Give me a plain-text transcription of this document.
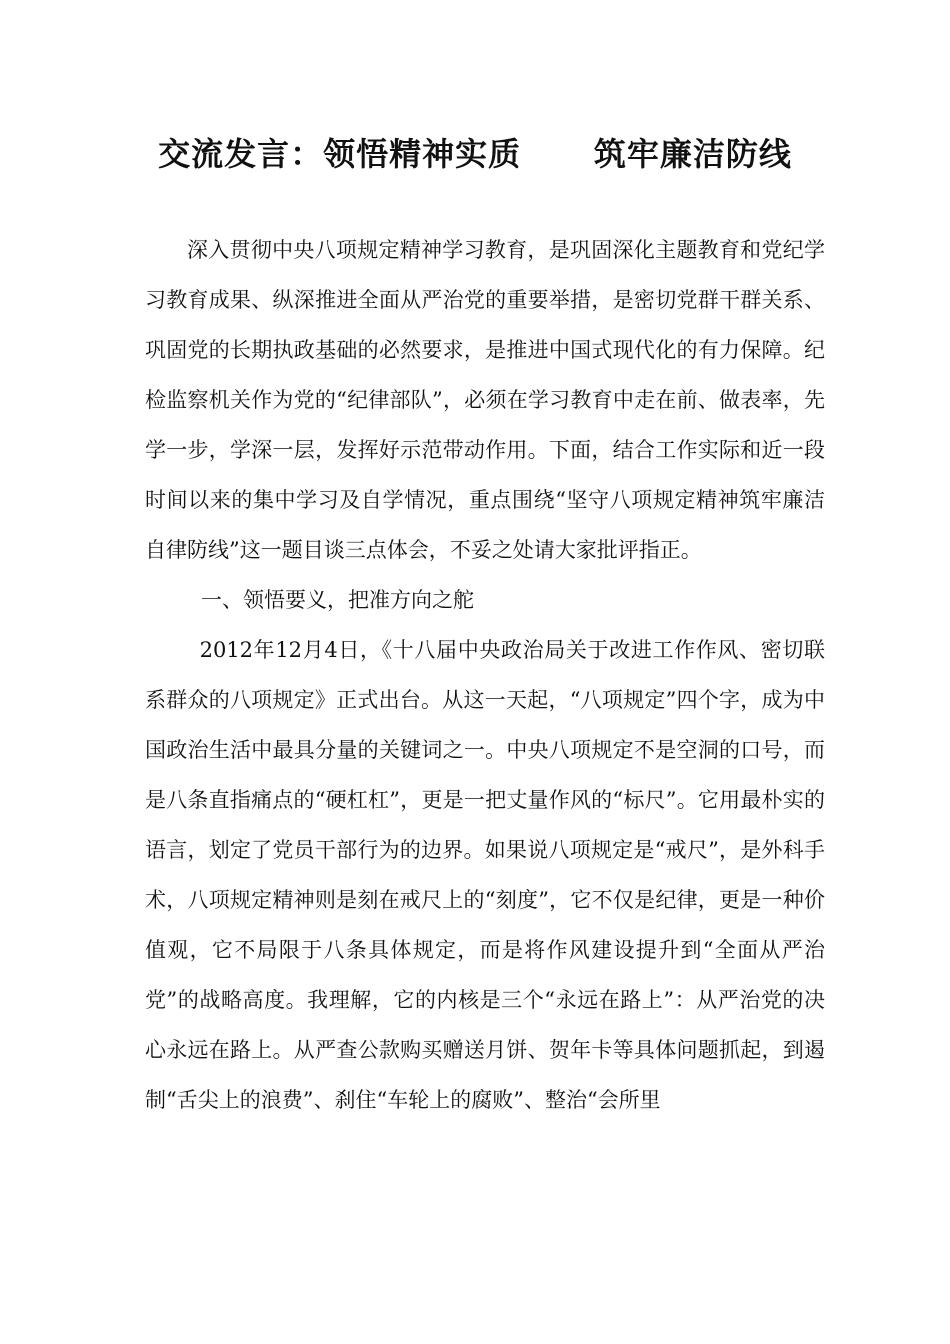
交流发言：领悟精神实质      筑牢廉洁防线

深入贯彻中央八项规定精神学习教育，是巩固深化主题教育和党纪学习教育成果、纵深推进全面从严治党的重要举措，是密切党群干群关系、巩固党的长期执政基础的必然要求，是推进中国式现代化的有力保障。纪检监察机关作为党的“纪律部队”，必须在学习教育中走在前、做表率，先学一步，学深一层，发挥好示范带动作用。下面，结合工作实际和近一段时间以来的集中学习及自学情况，重点围绕“坚守八项规定精神筑牢廉洁自律防线”这一题目谈三点体会，不妥之处请大家批评指正。

一、领悟要义，把准方向之舵

2012年12月4日，《十八届中央政治局关于改进工作作风、密切联系群众的八项规定》正式出台。从这一天起，“八项规定”四个字，成为中国政治生活中最具分量的关键词之一。中央八项规定不是空洞的口号，而是八条直指痛点的“硬杠杠”，更是一把丈量作风的“标尺”。它用最朴实的语言，划定了党员干部行为的边界。如果说八项规定是“戒尺”，是外科手术，八项规定精神则是刻在戒尺上的“刻度”，它不仅是纪律，更是一种价值观，它不局限于八条具体规定，而是将作风建设提升到“全面从严治党”的战略高度。我理解，它的内核是三个“永远在路上”：从严治党的决心永远在路上。从严查公款购买赠送月饼、贺年卡等具体问题抓起，到遏制“舌尖上的浪费”、刹住“车轮上的腐败”、整治“会所里
